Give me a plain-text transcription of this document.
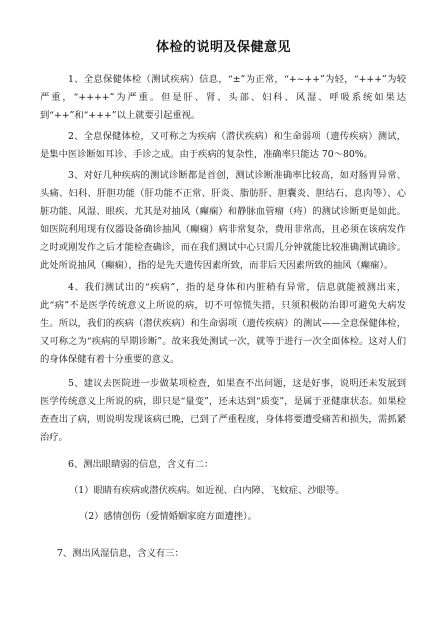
体检的说明及保健意见

1、全息保健体检（测试疾病）信息，“±”为正常，“+~++”为轻，“+++”为较严重，“++++”为严重。但是肝、肾、头部、妇科、风湿、呼吸系统如果达到“++”和“+++”以上就要引起重视。

2、全息保健体检，又可称之为疾病（潜伏疾病）和生命弱项（遗传疾病）测试，是集中医诊断如耳诊、手诊之成。由于疾病的复杂性，准确率只能达 70～80%。

3、对好几种疾病的测试诊断都是首创，测试诊断准确率比较高，如对肠胃异常、头痛、妇科、肝胆功能（肝功能不正常、肝炎、脂肪肝、胆囊炎、胆结石、息肉等）、心脏功能、风湿、眼疾、尤其是对抽风（癫痫）和静脉血管瘤（痔）的测试诊断更是如此。如医院利用现有仪器设备确诊抽风（癫痫）病非常复杂，费用非常高，且必须在该病发作之时或刚发作之后才能检查确诊，而在我们测试中心只需几分钟就能比较准确测试确诊。此处所说抽风（癫痫），指的是先天遗传因素所致，而非后天因素所致的抽风（癫痫）。

4、我们测试出的“疾病”，指的是身体和内脏稍有异常，信息就能被测出来，此“病”不是医学传统意义上所说的病，切不可惊慌失措，只须积极防治即可避免大病发生。所以，我们的疾病（潜伏疾病）和生命弱项（遗传疾病）的测试——全息保健体检，又可称之为“疾病的早期诊断”。故来我处测试一次，就等于进行一次全面体检。这对人们的身体保健有着十分重要的意义。

5、建议去医院进一步做某项检查，如果查不出问题，这是好事，说明还未发展到医学传统意义上所说的病，即只是“量变”，还未达到“质变”，是属于亚健康状态。如果检查查出了病，则说明发现该病已晚，已到了严重程度，身体将要遭受痛苦和损失，需抓紧治疗。

6、测出眼睛弱的信息，含义有二：

（1）眼睛有疾病或潜伏疾病。如近视、白内障、飞蚊症、沙眼等。

（2）感情创伤（爱情婚姻家庭方面遭挫）。

7、测出风湿信息，含义有三：
